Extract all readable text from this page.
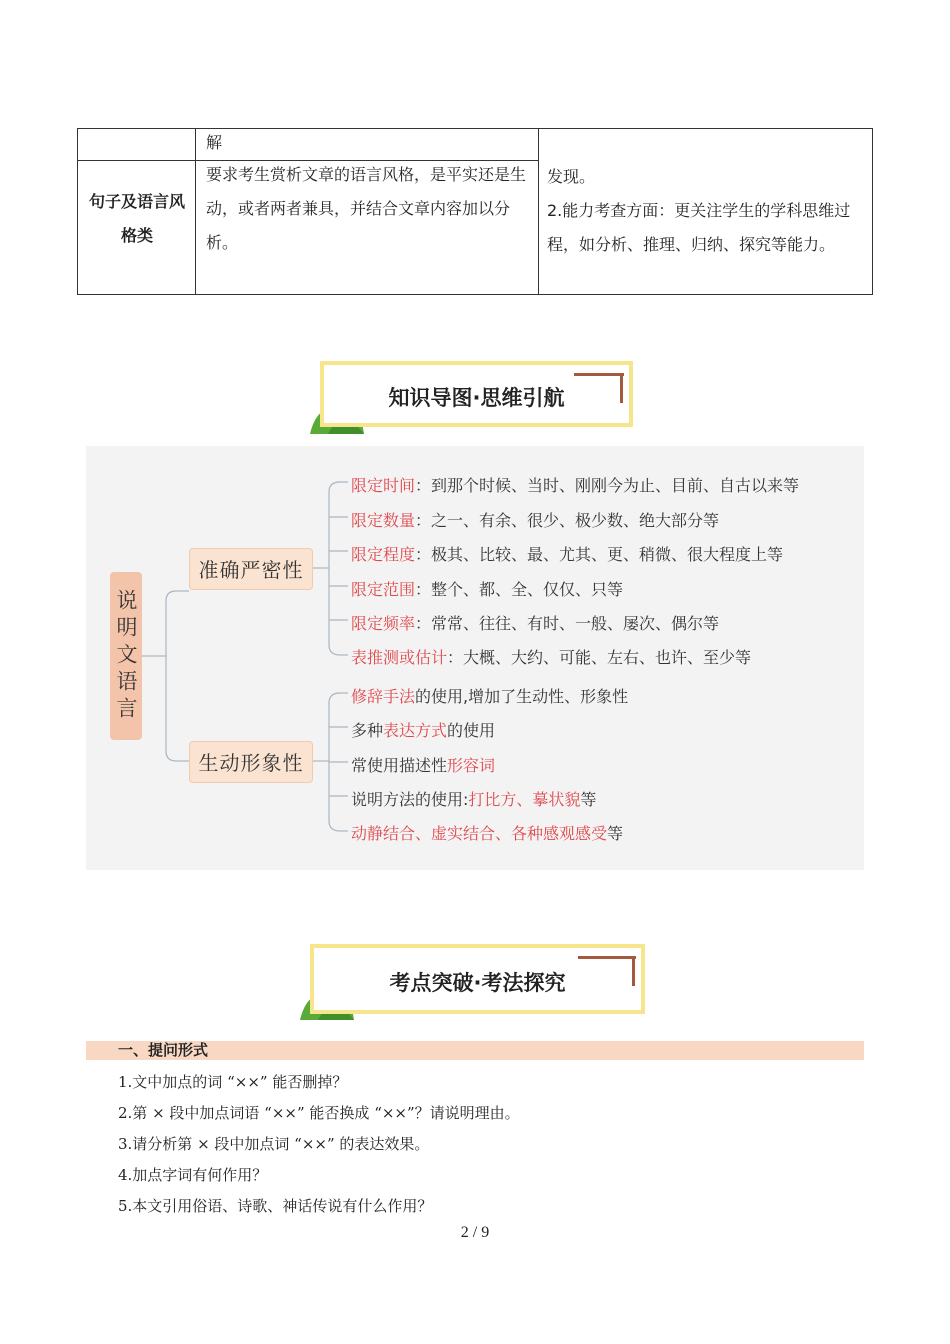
解
句子及语言风格类
要求考生赏析文章的语言风格，是平实还是生动，或者两者兼具，并结合文章内容加以分析。
发现。
2.能力考查方面：更关注学生的学科思维过程，如分析、推理、归纳、探究等能力。
知识导图·思维引航
说明文语言
准确严密性
生动形象性
限定时间：到那个时候、当时、刚刚今为止、目前、自古以来等
限定数量：之一、有余、很少、极少数、绝大部分等
限定程度：极其、比较、最、尤其、更、稍微、很大程度上等
限定范围：整个、都、全、仅仅、只等
限定频率：常常、往往、有时、一般、屡次、偶尔等
表推测或估计：大概、大约、可能、左右、也许、至少等
修辞手法的使用,增加了生动性、形象性
多种表达方式的使用
常使用描述性形容词
说明方法的使用:打比方、摹状貌等
动静结合、虚实结合、各种感观感受等
考点突破·考法探究
一、提问形式
1.文中加点的词 “××” 能否删掉？
2.第 × 段中加点词语 “××” 能否换成 “××”？请说明理由。
3.请分析第 × 段中加点词 “××” 的表达效果。
4.加点字词有何作用？
5.本文引用俗语、诗歌、神话传说有什么作用？
2 / 9
